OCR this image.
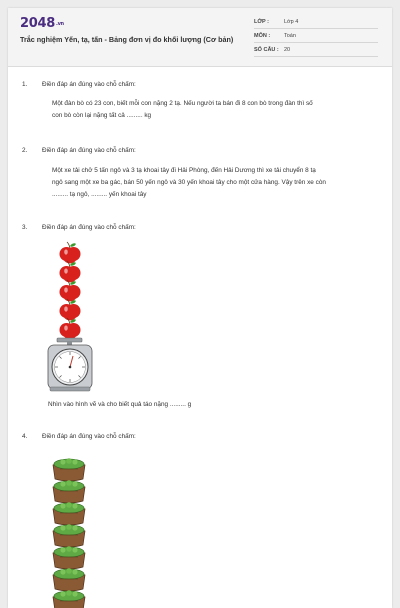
2048.vn
Trắc nghiệm Yến, tạ, tấn - Bảng đơn vị đo khối lượng (Cơ bản)
LỚP :	Lớp 4
MÔN :	Toán
SỐ CÂU : 20
1. Điền đáp án đúng vào chỗ chấm:
Một đàn bò có 23 con, biết mỗi con nặng 2 tạ. Nếu người ta bán đi 8 con bò trong đàn thì số
con bò còn lại nặng tất cả ......... kg
2. Điền đáp án đúng vào chỗ chấm:
Một xe tải chở 5 tấn ngô và 3 tạ khoai tây đi Hải Phòng, đến Hải Dương thì xe tải chuyển 8 tạ
ngô sang một xe ba gác, bán 50 yến ngô và 30 yến khoai tây cho một cửa hàng. Vậy trên xe còn
......... tạ ngô, ......... yến khoai tây
3. Điền đáp án đúng vào chỗ chấm:
Nhìn vào hình vẽ và cho biết quả táo nặng ......... g
4. Điền đáp án đúng vào chỗ chấm:
